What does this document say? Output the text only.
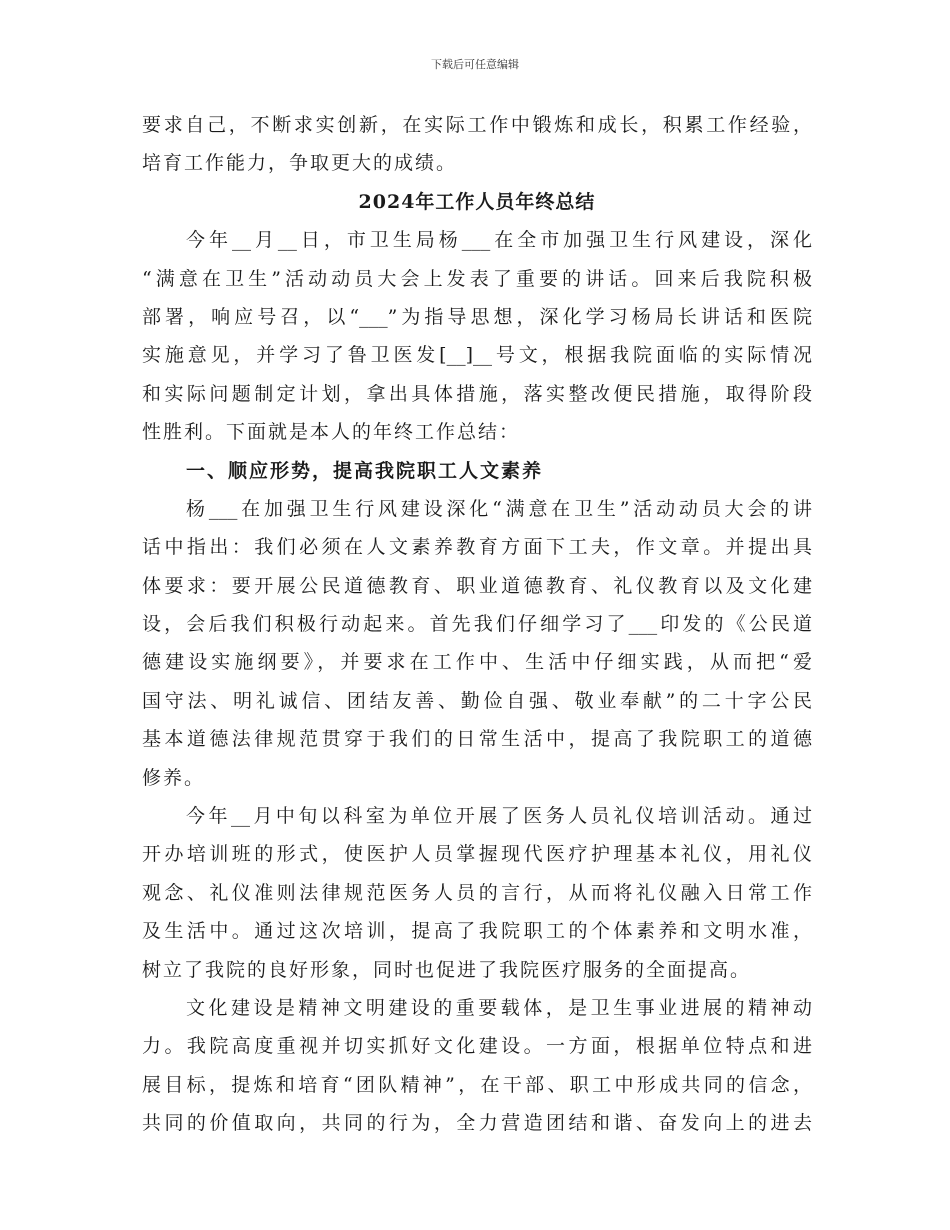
下载后可任意编辑
要求自己，不断求实创新，在实际工作中锻炼和成长，积累工作经验，
培育工作能力，争取更大的成绩。
2024年工作人员年终总结
今年__月__日，市卫生局杨___在全市加强卫生行风建设，深化
“满意在卫生”活动动员大会上发表了重要的讲话。回来后我院积极
部署，响应号召，以“___”为指导思想，深化学习杨局长讲话和医院
实施意见，并学习了鲁卫医发[__]__号文，根据我院面临的实际情况
和实际问题制定计划，拿出具体措施，落实整改便民措施，取得阶段
性胜利。下面就是本人的年终工作总结：
一、顺应形势，提高我院职工人文素养
杨___在加强卫生行风建设深化“满意在卫生”活动动员大会的讲
话中指出：我们必须在人文素养教育方面下工夫，作文章。并提出具
体要求：要开展公民道德教育、职业道德教育、礼仪教育以及文化建
设，会后我们积极行动起来。首先我们仔细学习了___印发的《公民道
德建设实施纲要》，并要求在工作中、生活中仔细实践，从而把“爱
国守法、明礼诚信、团结友善、勤俭自强、敬业奉献”的二十字公民
基本道德法律规范贯穿于我们的日常生活中，提高了我院职工的道德
修养。
今年__月中旬以科室为单位开展了医务人员礼仪培训活动。通过
开办培训班的形式，使医护人员掌握现代医疗护理基本礼仪，用礼仪
观念、礼仪准则法律规范医务人员的言行，从而将礼仪融入日常工作
及生活中。通过这次培训，提高了我院职工的个体素养和文明水准，
树立了我院的良好形象，同时也促进了我院医疗服务的全面提高。
文化建设是精神文明建设的重要载体，是卫生事业进展的精神动
力。我院高度重视并切实抓好文化建设。一方面，根据单位特点和进
展目标，提炼和培育“团队精神”，在干部、职工中形成共同的信念，
共同的价值取向，共同的行为，全力营造团结和谐、奋发向上的进去
